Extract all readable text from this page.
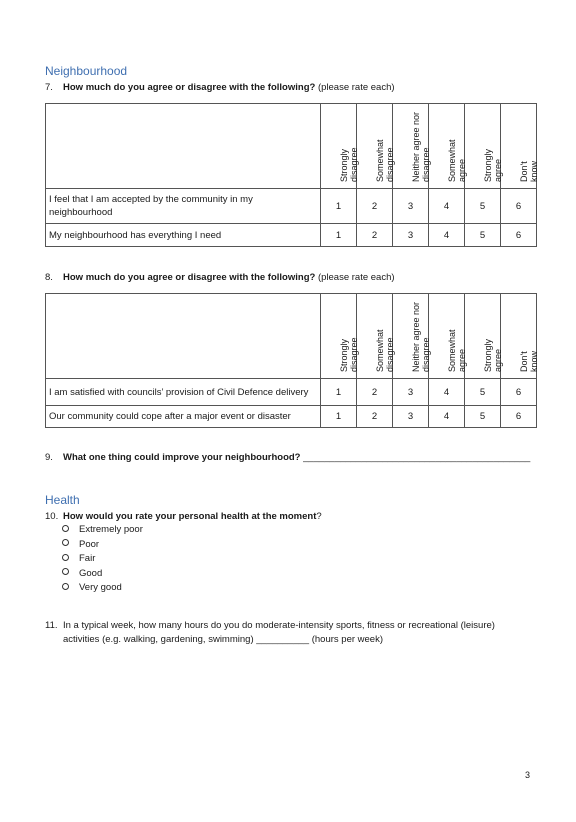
Neighbourhood
7. How much do you agree or disagree with the following? (please rate each)

	Strongly disagree	Somewhat disagree	Neither agree nor disagree	Somewhat agree	Strongly agree	Don't know

I feel that I am accepted by the community in my neighbourhood	1	2	3	4	5	6
My neighbourhood has everything I need	1	2	3	4	5	6
8. How much do you agree or disagree with the following? (please rate each)

	Strongly disagree	Somewhat disagree	Neither agree nor disagree	Somewhat agree	Strongly agree	Don't know

I am satisfied with councils’ provision of Civil Defence delivery	1	2	3	4	5	6
Our community could cope after a major event or disaster	1	2	3	4	5	6
9. What one thing could improve your neighbourhood? ___________________________________________
Health
10. How would you rate your personal health at the moment?
Extremely poor
Poor
Fair
Good
Very good
11. In a typical week, how many hours do you do moderate-intensity sports, fitness or recreational (leisure)
activities (e.g. walking, gardening, swimming) __________ (hours per week)
3
